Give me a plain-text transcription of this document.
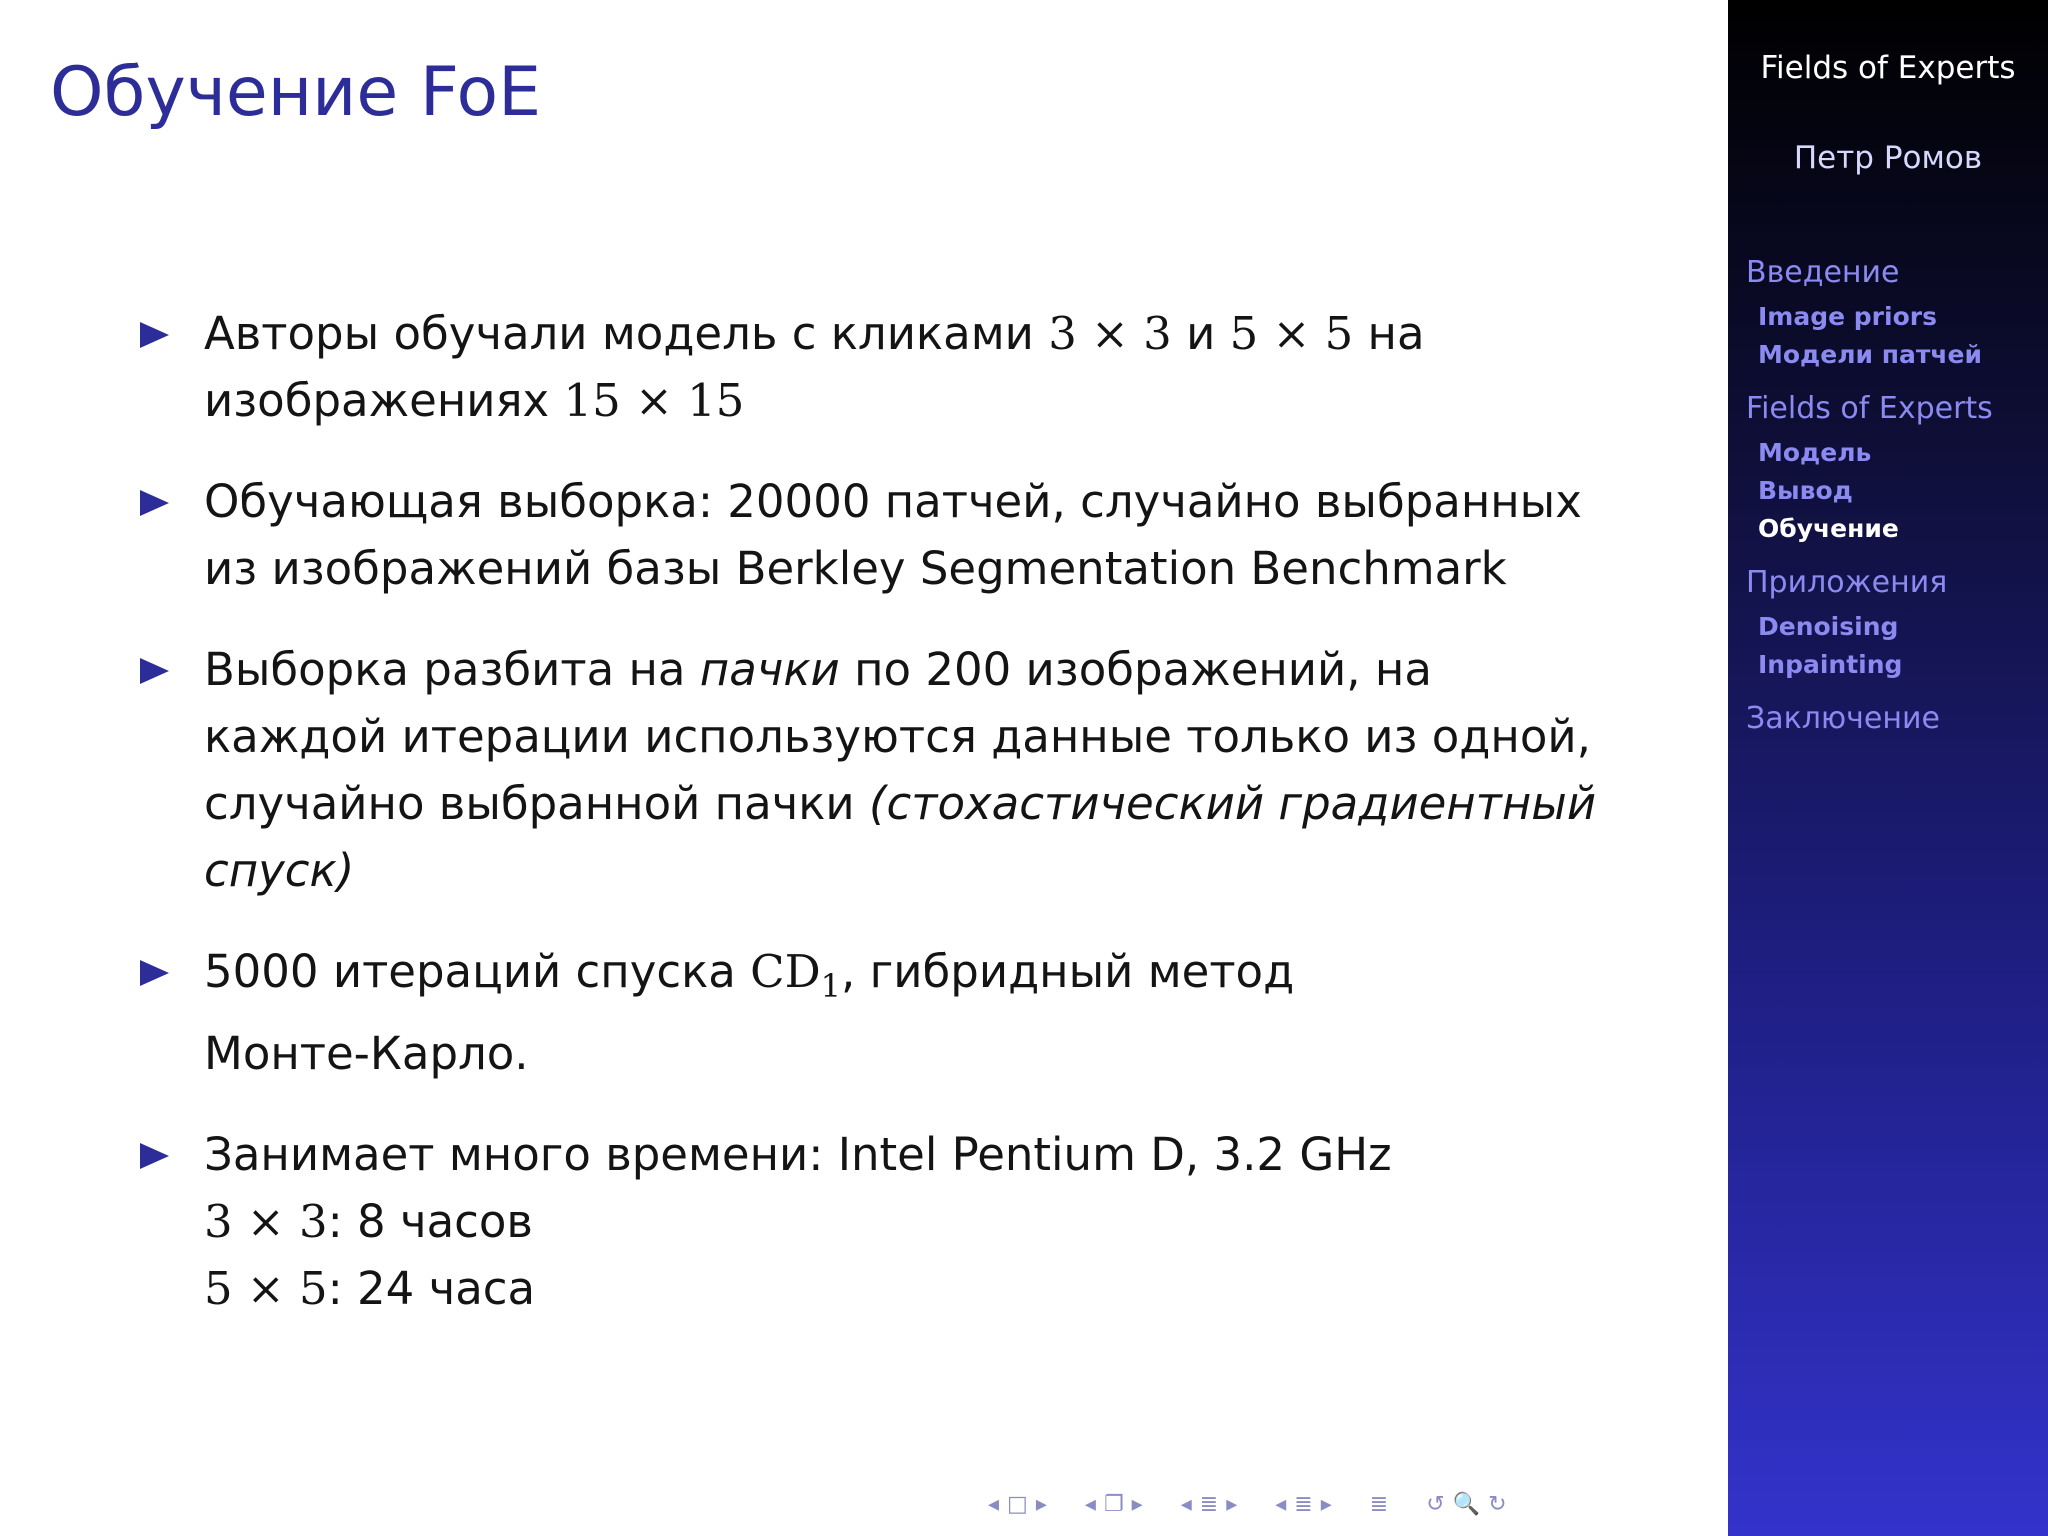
Обучение FoE
Авторы обучали модель с кликами 3 × 3 и 5 × 5 на
изображениях 15 × 15
Обучающая выборка: 20000 патчей, случайно выбранных
из изображений базы Berkley Segmentation Benchmark
Выборка разбита на пачки по 200 изображений, на
каждой итерации используются данные только из одной,
случайно выбранной пачки (стохастический градиентный
спуск)
5000 итераций спуска $CD_1$, гибридный метод
Монте-Карло.
Занимает много времени: Intel Pentium D, 3.2 GHz
3 × 3: 8 часов
5 × 5: 24 часа
◂ □ ▸ ◂ ❐ ▸ ◂ ≣ ▸ ◂ ≣ ▸ ≣ ↺ 🔍 ↻
Fields of Experts
Петр Ромов
Введение
Image priors
Модели патчей
Fields of Experts
Модель
Вывод
Обучение
Приложения
Denoising
Inpainting
Заключение
